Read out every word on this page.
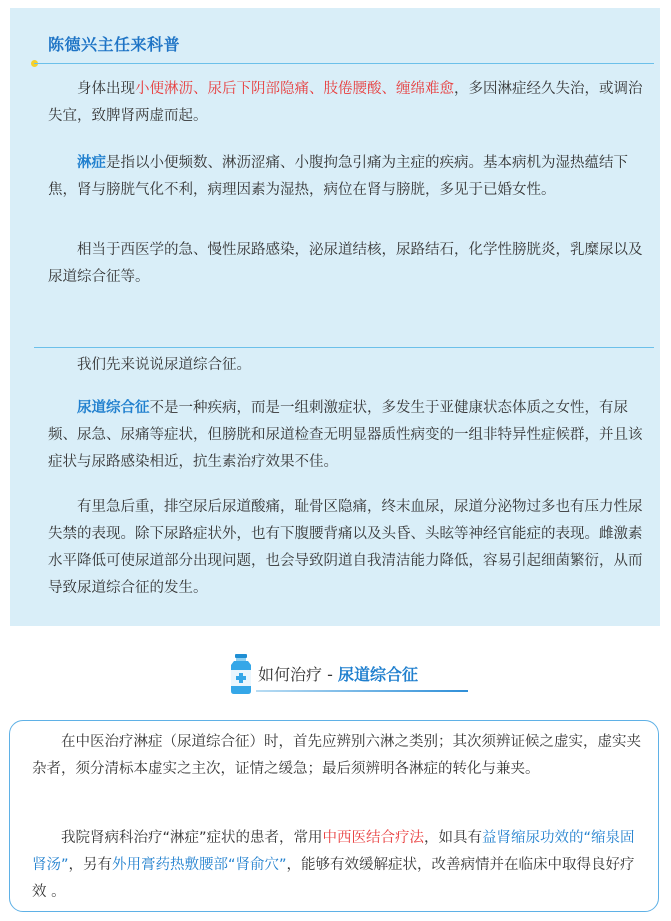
陈德兴主任来科普

身体出现小便淋沥、尿后下阴部隐痛、肢倦腰酸、缠绵难愈，多因淋症经久失治，或调治失宜，致脾肾两虚而起。

淋症是指以小便频数、淋沥涩痛、小腹拘急引痛为主症的疾病。基本病机为湿热蕴结下焦，肾与膀胱气化不利，病理因素为湿热，病位在肾与膀胱，多见于已婚女性。

相当于西医学的急、慢性尿路感染，泌尿道结核，尿路结石，化学性膀胱炎，乳糜尿以及尿道综合征等。

我们先来说说尿道综合征。

尿道综合征不是一种疾病，而是一组刺激症状，多发生于亚健康状态体质之女性，有尿频、尿急、尿痛等症状，但膀胱和尿道检查无明显器质性病变的一组非特异性症候群，并且该症状与尿路感染相近，抗生素治疗效果不佳。

有里急后重，排空尿后尿道酸痛，耻骨区隐痛，终末血尿，尿道分泌物过多也有压力性尿失禁的表现。除下尿路症状外，也有下腹腰背痛以及头昏、头眩等神经官能症的表现。雌激素水平降低可使尿道部分出现问题，也会导致阴道自我清洁能力降低，容易引起细菌繁衍，从而导致尿道综合征的发生。

如何治疗 - 尿道综合征

在中医治疗淋症（尿道综合征）时，首先应辨别六淋之类别；其次须辨证候之虚实，虚实夹杂者，须分清标本虚实之主次，证情之缓急；最后须辨明各淋症的转化与兼夹。

我院肾病科治疗“淋症”症状的患者，常用中西医结合疗法，如具有益肾缩尿功效的“缩泉固肾汤”，另有外用膏药热敷腰部“肾俞穴”，能够有效缓解症状，改善病情并在临床中取得良好疗效 。
